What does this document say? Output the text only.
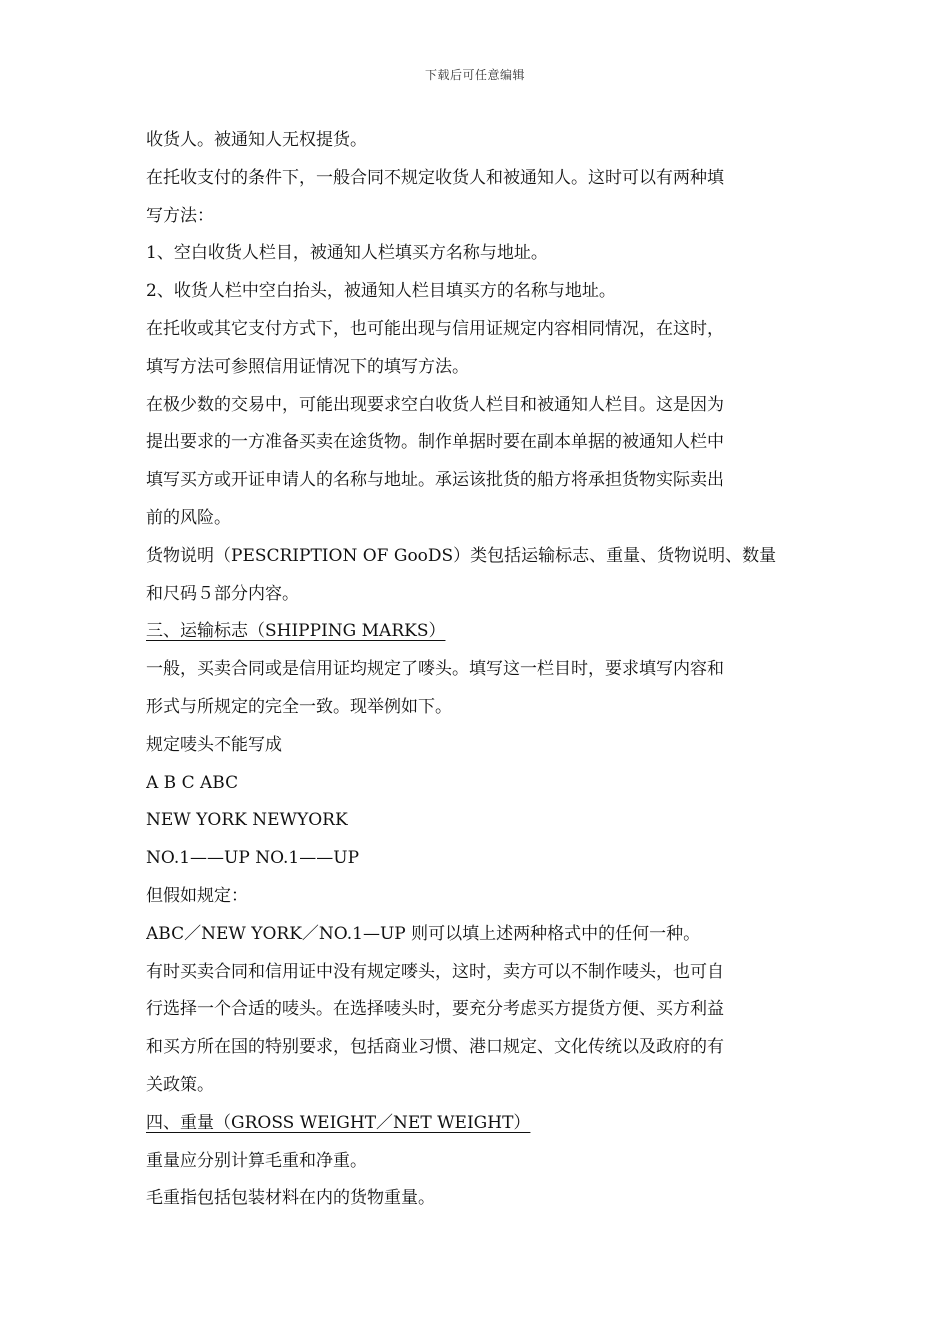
下载后可任意编辑
收货人。被通知人无权提货。
在托收支付的条件下，一般合同不规定收货人和被通知人。这时可以有两种填
写方法：
1、空白收货人栏目，被通知人栏填买方名称与地址。
2、收货人栏中空白抬头，被通知人栏目填买方的名称与地址。
在托收或其它支付方式下，也可能出现与信用证规定内容相同情况，在这时，
填写方法可参照信用证情况下的填写方法。
在极少数的交易中，可能出现要求空白收货人栏目和被通知人栏目。这是因为
提出要求的一方准备买卖在途货物。制作单据时要在副本单据的被通知人栏中
填写买方或开证申请人的名称与地址。承运该批货的船方将承担货物实际卖出
前的风险。
货物说明（PESCRIPTION OF GooDS）类包括运输标志、重量、货物说明、数量
和尺码５部分内容。
三、运输标志（SHIPPING MARKS）
一般，买卖合同或是信用证均规定了嘜头。填写这一栏目时，要求填写内容和
形式与所规定的完全一致。现举例如下。
规定唛头不能写成
A B C ABC
NEW YORK NEWYORK
NO.1——UP NO.1——UP
但假如规定：
ABC／NEW YORK／NO.1—UP 则可以填上述两种格式中的任何一种。
有时买卖合同和信用证中没有规定嘜头，这时，卖方可以不制作唛头，也可自
行选择一个合适的唛头。在选择唛头时，要充分考虑买方提货方便、买方利益
和买方所在国的特别要求，包括商业习惯、港口规定、文化传统以及政府的有
关政策。
四、重量（GROSS WEIGHT／NET WEIGHT）
重量应分别计算毛重和净重。
毛重指包括包装材料在内的货物重量。
